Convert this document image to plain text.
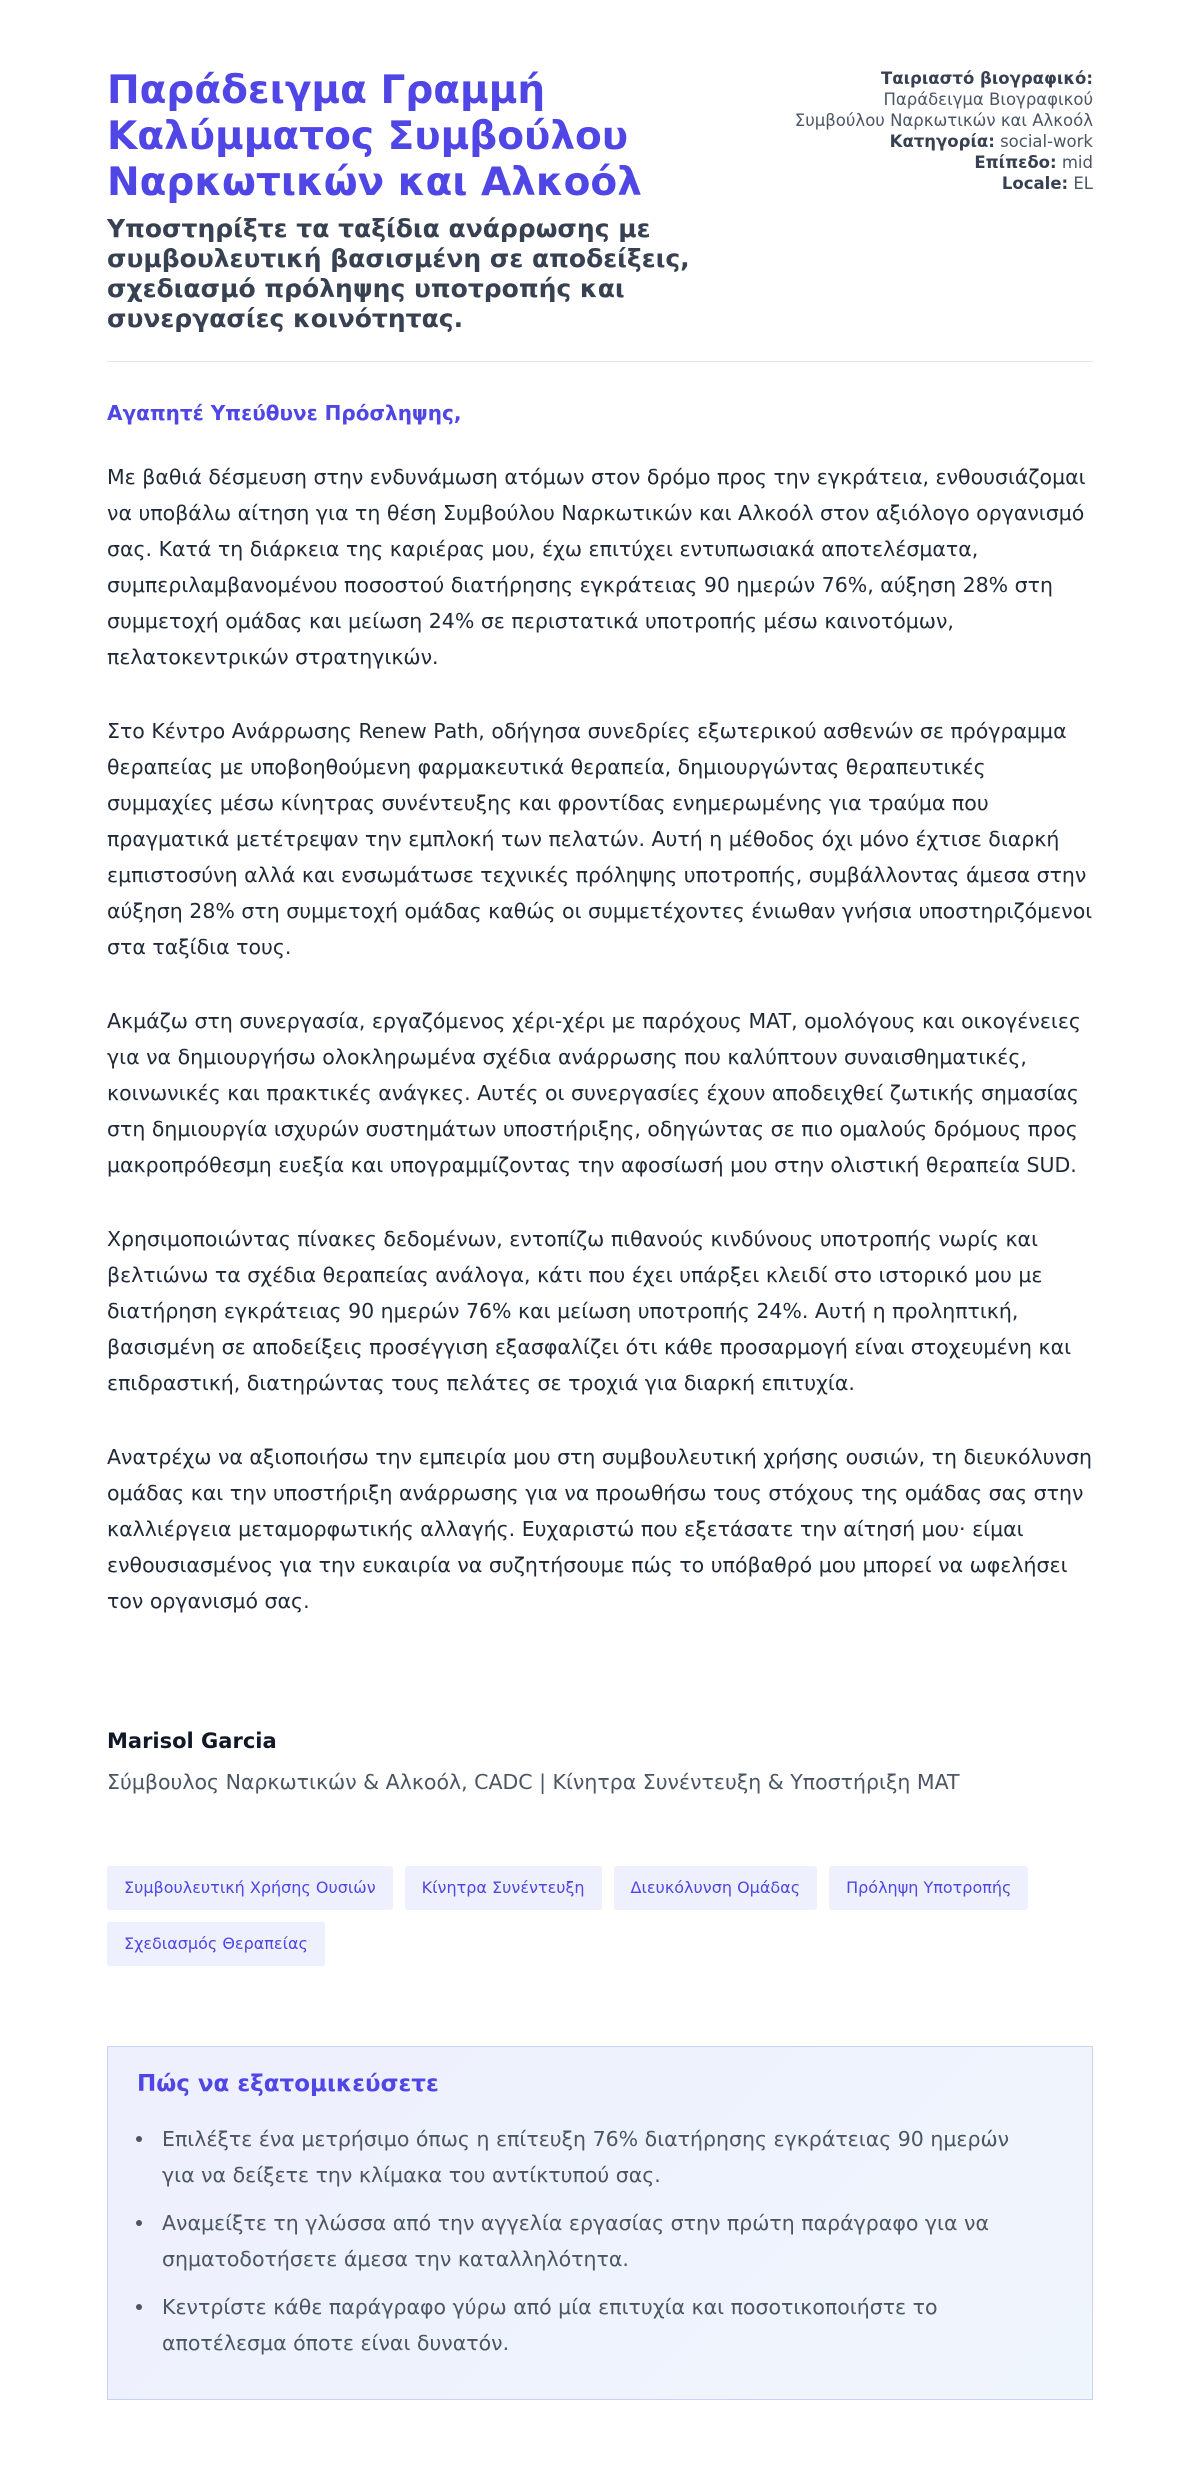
Παράδειγμα Γραμμή Καλύμματος Συμβούλου Ναρκωτικών και Αλκοόλ
Υποστηρίξτε τα ταξίδια ανάρρωσης με συμβουλευτική βασισμένη σε αποδείξεις, σχεδιασμό πρόληψης υποτροπής και συνεργασίες κοινότητας.
Ταιριαστό βιογραφικό:
Παράδειγμα Βιογραφικού Συμβούλου Ναρκωτικών και Αλκοόλ
Κατηγορία: social-work
Επίπεδο: mid
Locale: EL

Αγαπητέ Υπεύθυνε Πρόσληψης,

Με βαθιά δέσμευση στην ενδυνάμωση ατόμων στον δρόμο προς την εγκράτεια, ενθουσιάζομαι να υποβάλω αίτηση για τη θέση Συμβούλου Ναρκωτικών και Αλκοόλ στον αξιόλογο οργανισμό σας. Κατά τη διάρκεια της καριέρας μου, έχω επιτύχει εντυπωσιακά αποτελέσματα, συμπεριλαμβανομένου ποσοστού διατήρησης εγκράτειας 90 ημερών 76%, αύξηση 28% στη συμμετοχή ομάδας και μείωση 24% σε περιστατικά υποτροπής μέσω καινοτόμων, πελατοκεντρικών στρατηγικών.

Στο Κέντρο Ανάρρωσης Renew Path, οδήγησα συνεδρίες εξωτερικού ασθενών σε πρόγραμμα θεραπείας με υποβοηθούμενη φαρμακευτικά θεραπεία, δημιουργώντας θεραπευτικές συμμαχίες μέσω κίνητρας συνέντευξης και φροντίδας ενημερωμένης για τραύμα που πραγματικά μετέτρεψαν την εμπλοκή των πελατών. Αυτή η μέθοδος όχι μόνο έχτισε διαρκή εμπιστοσύνη αλλά και ενσωμάτωσε τεχνικές πρόληψης υποτροπής, συμβάλλοντας άμεσα στην αύξηση 28% στη συμμετοχή ομάδας καθώς οι συμμετέχοντες ένιωθαν γνήσια υποστηριζόμενοι στα ταξίδια τους.

Ακμάζω στη συνεργασία, εργαζόμενος χέρι-χέρι με παρόχους MAT, ομολόγους και οικογένειες για να δημιουργήσω ολοκληρωμένα σχέδια ανάρρωσης που καλύπτουν συναισθηματικές, κοινωνικές και πρακτικές ανάγκες. Αυτές οι συνεργασίες έχουν αποδειχθεί ζωτικής σημασίας στη δημιουργία ισχυρών συστημάτων υποστήριξης, οδηγώντας σε πιο ομαλούς δρόμους προς μακροπρόθεσμη ευεξία και υπογραμμίζοντας την αφοσίωσή μου στην ολιστική θεραπεία SUD.

Χρησιμοποιώντας πίνακες δεδομένων, εντοπίζω πιθανούς κινδύνους υποτροπής νωρίς και βελτιώνω τα σχέδια θεραπείας ανάλογα, κάτι που έχει υπάρξει κλειδί στο ιστορικό μου με διατήρηση εγκράτειας 90 ημερών 76% και μείωση υποτροπής 24%. Αυτή η προληπτική, βασισμένη σε αποδείξεις προσέγγιση εξασφαλίζει ότι κάθε προσαρμογή είναι στοχευμένη και επιδραστική, διατηρώντας τους πελάτες σε τροχιά για διαρκή επιτυχία.

Ανατρέχω να αξιοποιήσω την εμπειρία μου στη συμβουλευτική χρήσης ουσιών, τη διευκόλυνση ομάδας και την υποστήριξη ανάρρωσης για να προωθήσω τους στόχους της ομάδας σας στην καλλιέργεια μεταμορφωτικής αλλαγής. Ευχαριστώ που εξετάσατε την αίτησή μου· είμαι ενθουσιασμένος για την ευκαιρία να συζητήσουμε πώς το υπόβαθρό μου μπορεί να ωφελήσει τον οργανισμό σας.

Marisol Garcia

Σύμβουλος Ναρκωτικών & Αλκοόλ, CADC | Κίνητρα Συνέντευξη & Υποστήριξη MAT

Συμβουλευτική Χρήσης Ουσιών	Κίνητρα Συνέντευξη	Διευκόλυνση Ομάδας	Πρόληψη Υποτροπής
Σχεδιασμός Θεραπείας
Πώς να εξατομικεύσετε
Επιλέξτε ένα μετρήσιμο όπως η επίτευξη 76% διατήρησης εγκράτειας 90 ημερών για να δείξετε την κλίμακα του αντίκτυπού σας.
Αναμείξτε τη γλώσσα από την αγγελία εργασίας στην πρώτη παράγραφο για να σηματοδοτήσετε άμεσα την καταλληλότητα.
Κεντρίστε κάθε παράγραφο γύρω από μία επιτυχία και ποσοτικοποιήστε το αποτέλεσμα όποτε είναι δυνατόν.
